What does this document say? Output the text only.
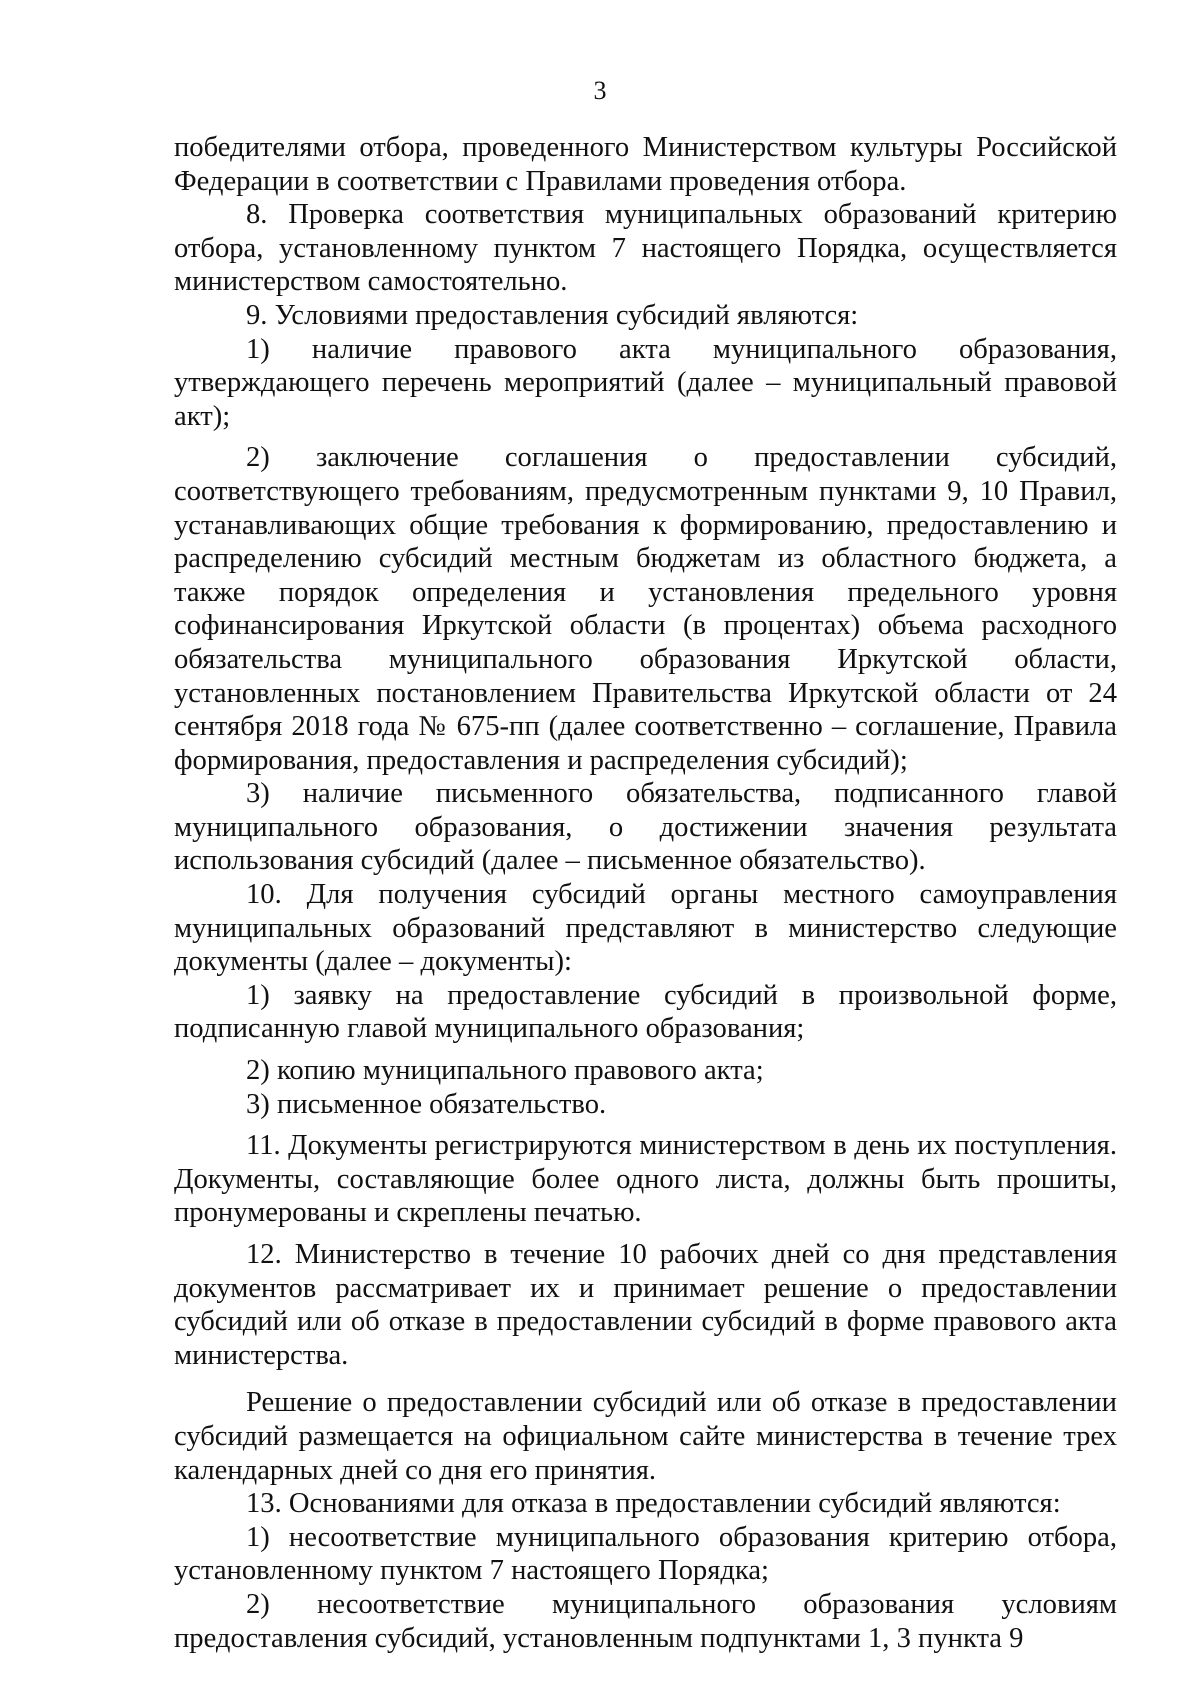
3

победителями отбора, проведенного Министерством культуры Российской Федерации в соответствии с Правилами проведения отбора.

8. Проверка соответствия муниципальных образований критерию отбора, установленному пунктом 7 настоящего Порядка, осуществляется министерством самостоятельно.

9. Условиями предоставления субсидий являются:

1) наличие правового акта муниципального образования, утверждающего перечень мероприятий (далее – муниципальный правовой акт);

2) заключение соглашения о предоставлении субсидий, соответствующего требованиям, предусмотренным пунктами 9, 10 Правил, устанавливающих общие требования к формированию, предоставлению и распределению субсидий местным бюджетам из областного бюджета, а также порядок определения и установления предельного уровня софинансирования Иркутской области (в процентах) объема расходного обязательства муниципального образования Иркутской области, установленных постановлением Правительства Иркутской области от 24 сентября 2018 года № 675-пп (далее соответственно – соглашение, Правила формирования, предоставления и распределения субсидий);

3) наличие письменного обязательства, подписанного главой муниципального образования, о достижении значения результата использования субсидий (далее – письменное обязательство).

10. Для получения субсидий органы местного самоуправления муниципальных образований представляют в министерство следующие документы (далее – документы):

1) заявку на предоставление субсидий в произвольной форме, подписанную главой муниципального образования;

2) копию муниципального правового акта;

3) письменное обязательство.

11. Документы регистрируются министерством в день их поступления. Документы, составляющие более одного листа, должны быть прошиты, пронумерованы и скреплены печатью.

12. Министерство в течение 10 рабочих дней со дня представления документов рассматривает их и принимает решение о предоставлении субсидий или об отказе в предоставлении субсидий в форме правового акта министерства.

Решение о предоставлении субсидий или об отказе в предоставлении субсидий размещается на официальном сайте министерства в течение трех календарных дней со дня его принятия.

13. Основаниями для отказа в предоставлении субсидий являются:

1) несоответствие муниципального образования критерию отбора, установленному пунктом 7 настоящего Порядка;

2) несоответствие муниципального образования условиям предоставления субсидий, установленным подпунктами 1, 3 пункта 9
